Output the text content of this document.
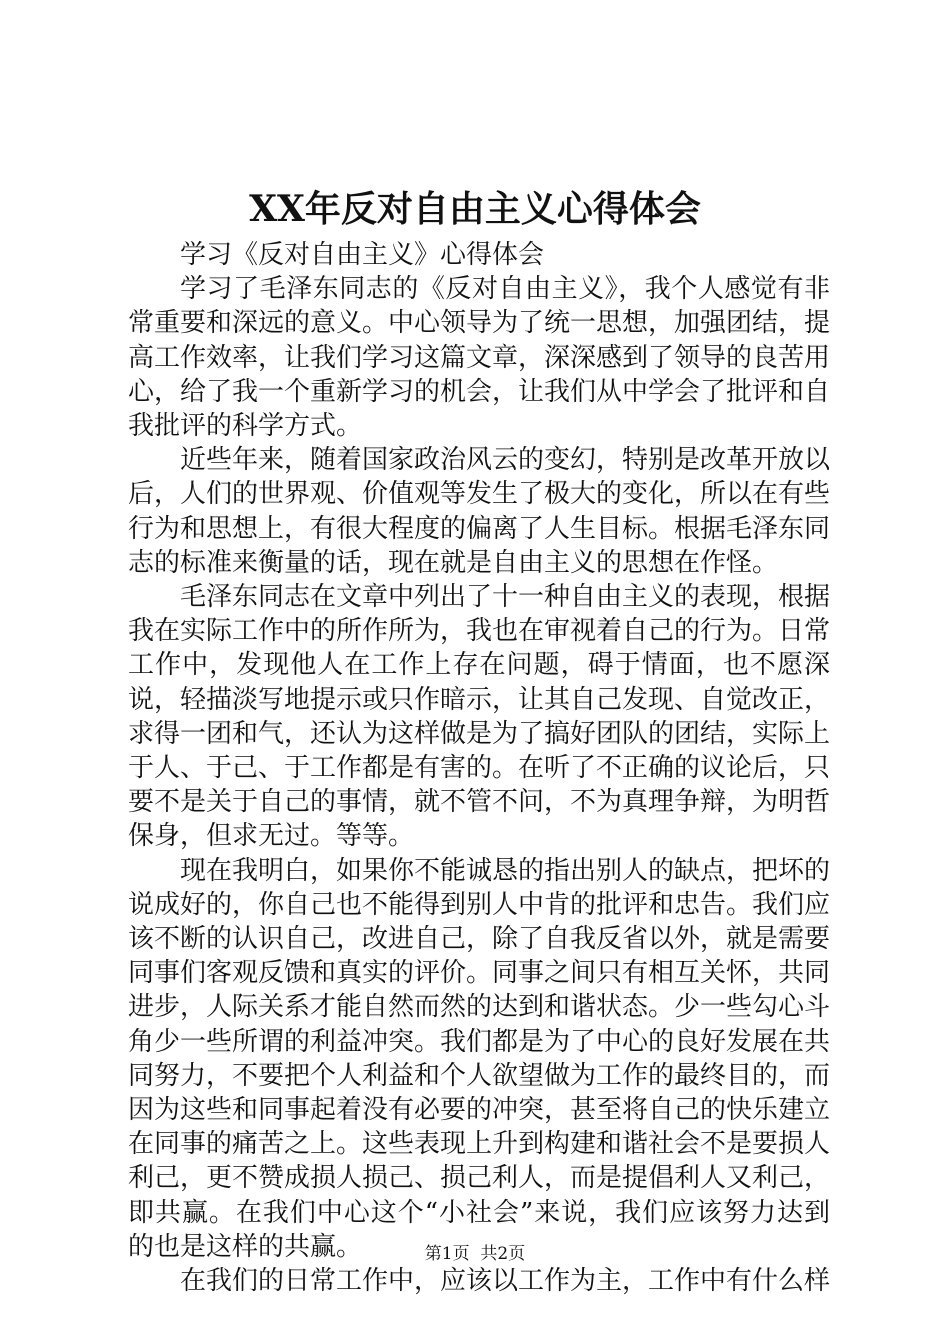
XX年反对自由主义心得体会

学习《反对自由主义》心得体会

学习了毛泽东同志的《反对自由主义》，我个人感觉有非常重要和深远的意义。中心领导为了统一思想，加强团结，提高工作效率，让我们学习这篇文章，深深感到了领导的良苦用心，给了我一个重新学习的机会，让我们从中学会了批评和自我批评的科学方式。

近些年来，随着国家政治风云的变幻，特别是改革开放以后，人们的世界观、价值观等发生了极大的变化，所以在有些行为和思想上，有很大程度的偏离了人生目标。根据毛泽东同志的标准来衡量的话，现在就是自由主义的思想在作怪。

毛泽东同志在文章中列出了十一种自由主义的表现，根据我在实际工作中的所作所为，我也在审视着自己的行为。日常工作中，发现他人在工作上存在问题，碍于情面，也不愿深说，轻描淡写地提示或只作暗示，让其自己发现、自觉改正，求得一团和气，还认为这样做是为了搞好团队的团结，实际上于人、于己、于工作都是有害的。在听了不正确的议论后，只要不是关于自己的事情，就不管不问，不为真理争辩，为明哲保身，但求无过。等等。

现在我明白，如果你不能诚恳的指出别人的缺点，把坏的说成好的，你自己也不能得到别人中肯的批评和忠告。我们应该不断的认识自己，改进自己，除了自我反省以外，就是需要同事们客观反馈和真实的评价。同事之间只有相互关怀，共同进步，人际关系才能自然而然的达到和谐状态。少一些勾心斗角少一些所谓的利益冲突。我们都是为了中心的良好发展在共同努力，不要把个人利益和个人欲望做为工作的最终目的，而因为这些和同事起着没有必要的冲突，甚至将自己的快乐建立在同事的痛苦之上。这些表现上升到构建和谐社会不是要损人利己，更不赞成损人损己、损己利人，而是提倡利人又利己，即共赢。在我们中心这个“小社会”来说，我们应该努力达到的也是这样的共赢。

在我们的日常工作中，应该以工作为主，工作中有什么样

第1页 共2页
